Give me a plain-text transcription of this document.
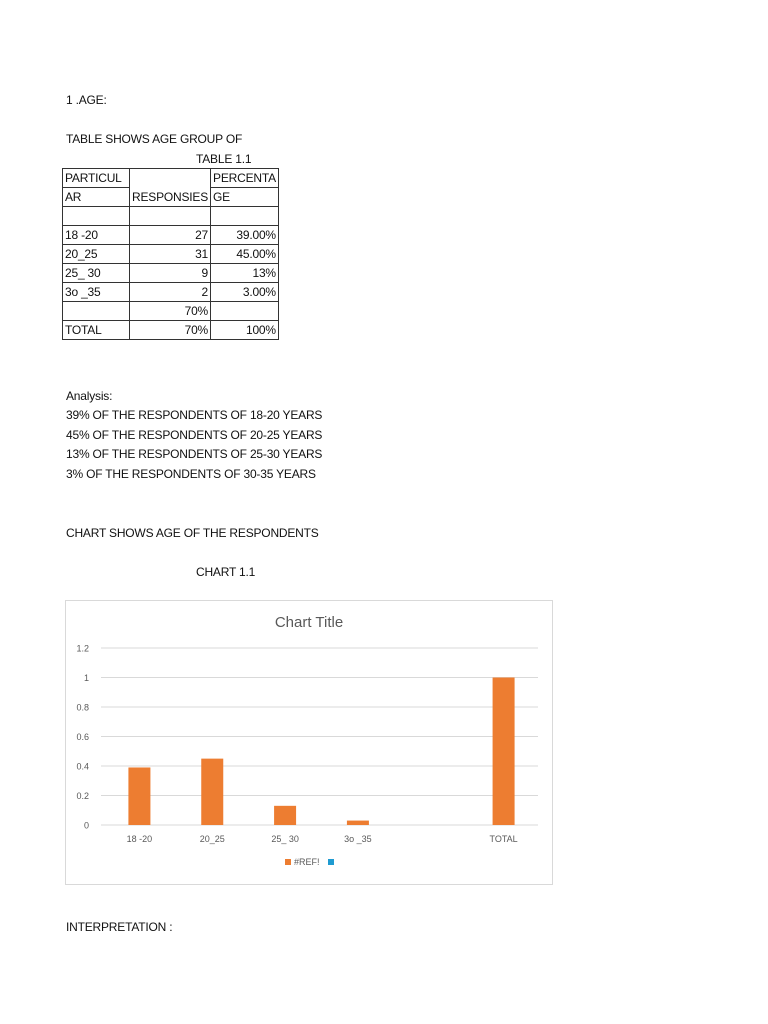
1 .AGE:
TABLE SHOWS AGE GROUP OF
TABLE 1.1
PARTICUL	RESPONSIES	PERCENTA

AR		GE

18 -20	27	39.00%
20_25	31	45.00%
25_ 30	9	13%
3o _35	2	3.00%
	70%	
TOTAL	70%	100%
Analysis:
39% OF THE RESPONDENTS OF 18-20 YEARS
45% OF THE RESPONDENTS OF 20-25 YEARS
13% OF THE RESPONDENTS OF 25-30 YEARS
3% OF THE RESPONDENTS OF 30-35 YEARS
CHART SHOWS AGE OF THE RESPONDENTS
CHART 1.1
Chart Title
0
0.2
0.4
0.6
0.8
1
1.2
18 -20	20_25	25_ 30	3o _35	TOTAL
#REF!
INTERPRETATION :
